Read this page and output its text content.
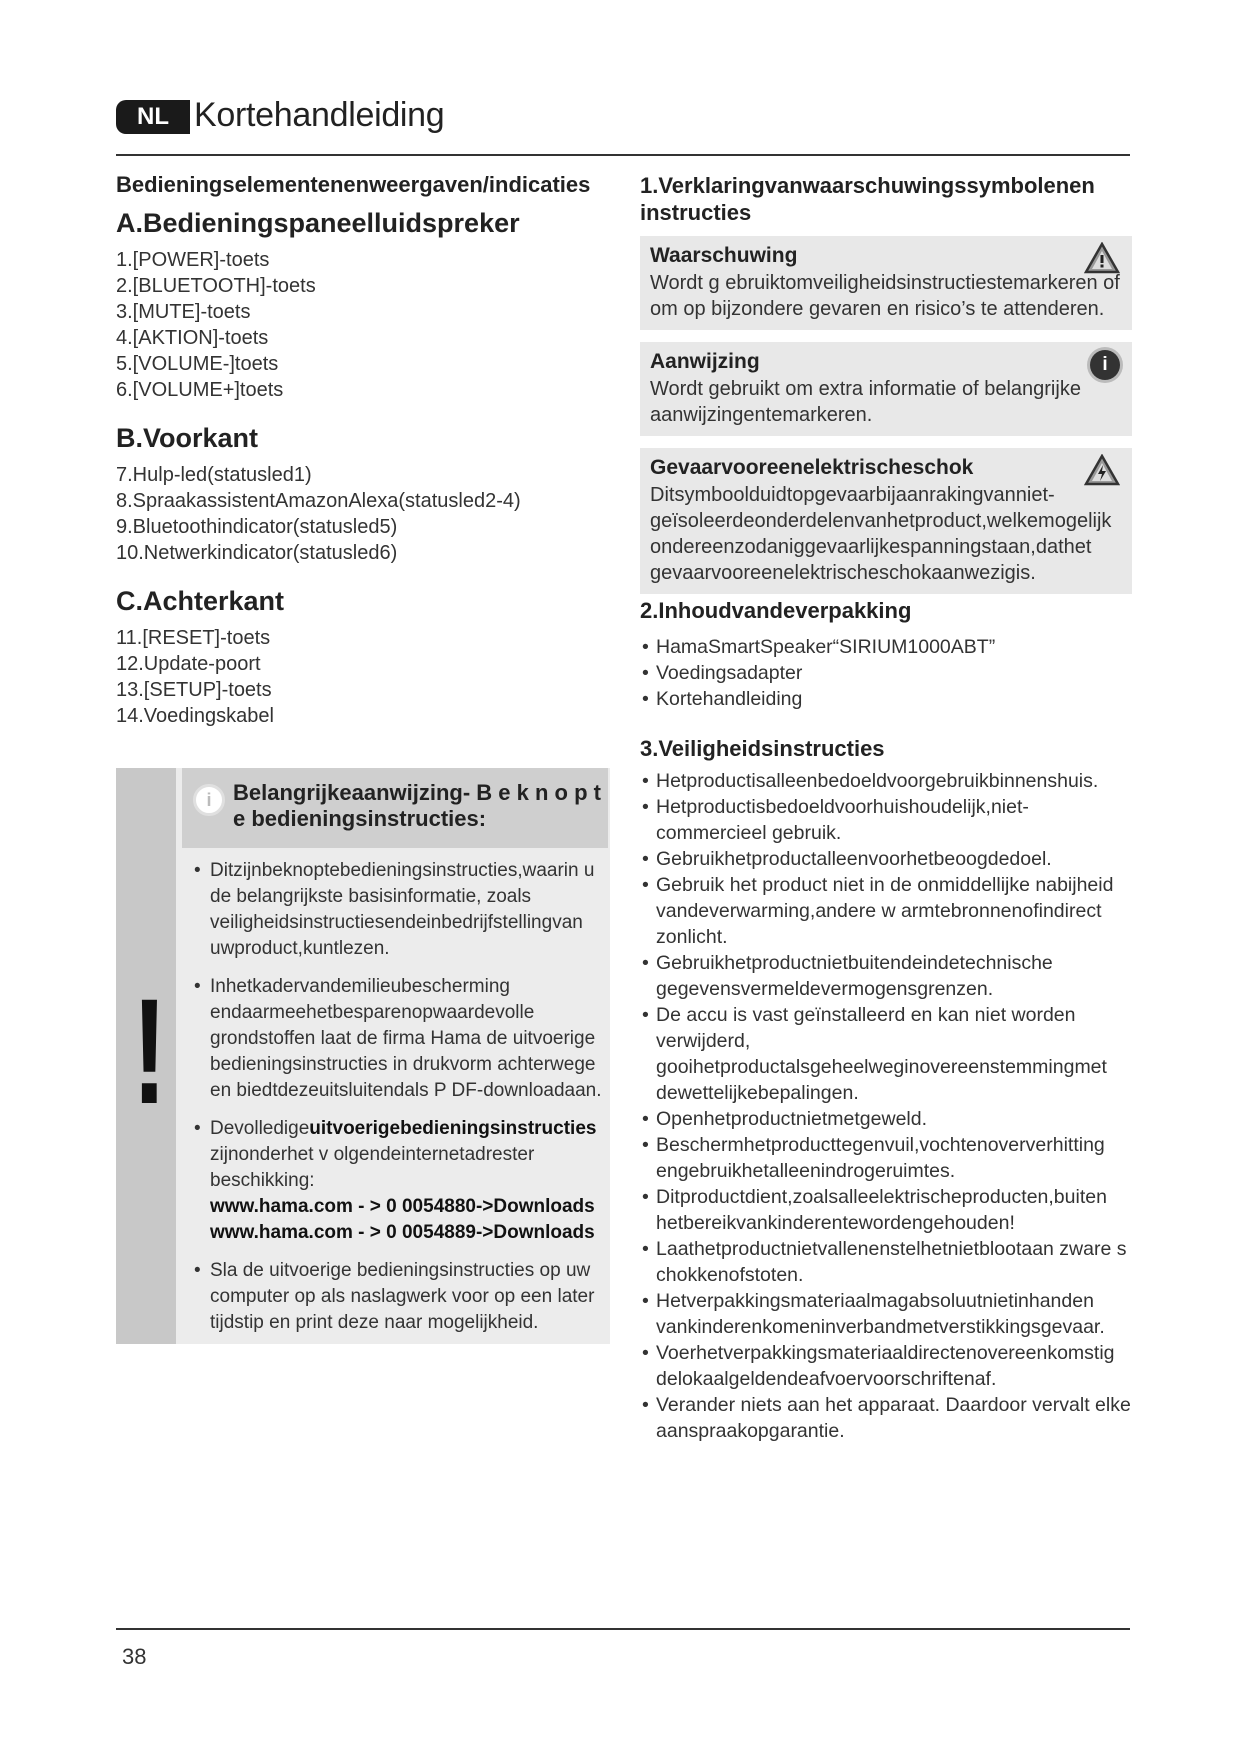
NL Kortehandleiding
Bedieningselementenenweergaven/indicaties
A.Bedieningspaneelluidspreker
1.[POWER]-toets
2.[BLUETOOTH]-toets
3.[MUTE]-toets
4.[AKTION]-toets
5.[VOLUME-]toets
6.[VOLUME+]toets
B.Voorkant
7.Hulp-led(statusled1)
8.SpraakassistentAmazonAlexa(statusled2-4)
9.Bluetoothindicator(statusled5)
10.Netwerkindicator(statusled6)
C.Achterkant
11.[RESET]-toets
12.Update-poort
13.[SETUP]-toets
14.Voedingskabel
!
i Belangrijkeaanwijzing- B e k n o p t e bedieningsinstructies:
• Ditzijnbeknoptebedieningsinstructies,waarin u de belangrijkste basisinformatie, zoals veiligheidsinstructiesendeinbedrijfstellingvan uwproduct,kuntlezen.
• Inhetkadervandemilieubescherming endaarmeehetbesparenopwaardevolle grondstoffen laat de firma Hama de uitvoerige bedieningsinstructies in drukvorm achterwege en biedtdezeuitsluitendals P DF-downloadaan.
• Devolledigeuitvoerigebedieningsinstructies zijnonderhet v olgendeinternetadrester beschikking:
www.hama.com - > 0 0054880->Downloads
www.hama.com - > 0 0054889->Downloads
• Sla de uitvoerige bedieningsinstructies op uw computer op als naslagwerk voor op een later tijdstip en print deze naar mogelijkheid.
1.Verklaringvanwaarschuwingssymbolenen instructies
Waarschuwing
Wordt g ebruiktomveiligheidsinstructiestemarkeren of om op bijzondere gevaren en risico’s te attenderen.
i
Aanwijzing
Wordt gebruikt om extra informatie of belangrijke aanwijzingentemarkeren.
Gevaarvooreenelektrischeschok
Ditsymboolduidtopgevaarbijaanrakingvanniet-geïsoleerdeonderdelenvanhetproduct,welkemogelijk ondereenzodaniggevaarlijkespanningstaan,dathet gevaarvooreenelektrischeschokaanwezigis.
2.Inhoudvandeverpakking
• HamaSmartSpeaker“SIRIUM1000ABT”
• Voedingsadapter
• Kortehandleiding
3.Veiligheidsinstructies
• Hetproductisalleenbedoeldvoorgebruikbinnenshuis.
• Hetproductisbedoeldvoorhuishoudelijk,niet-commercieel gebruik.
• Gebruikhetproductalleenvoorhetbeoogdedoel.
• Gebruik het product niet in de onmiddellijke nabijheid vandeverwarming,andere w armtebronnenofindirect zonlicht.
• Gebruikhetproductnietbuitendeindetechnische gegevensvermeldevermogensgrenzen.
• De accu is vast geïnstalleerd en kan niet worden verwijderd, gooihetproductalsgeheelweginovereenstemmingmet dewettelijkebepalingen.
• Openhetproductnietmetgeweld.
• Beschermhetproducttegenvuil,vochtenoververhitting engebruikhetalleenindrogeruimtes.
• Ditproductdient,zoalsalleelektrischeproducten,buiten hetbereikvankinderentewordengehouden!
• Laathetproductnietvallenenstelhetnietblootaan zware s chokkenofstoten.
• Hetverpakkingsmateriaalmagabsoluutnietinhanden vankinderenkomeninverbandmetverstikkingsgevaar.
• Voerhetverpakkingsmateriaaldirectenovereenkomstig delokaalgeldendeafvoervoorschriftenaf.
• Verander niets aan het apparaat. Daardoor vervalt elke aanspraakopgarantie.
38
